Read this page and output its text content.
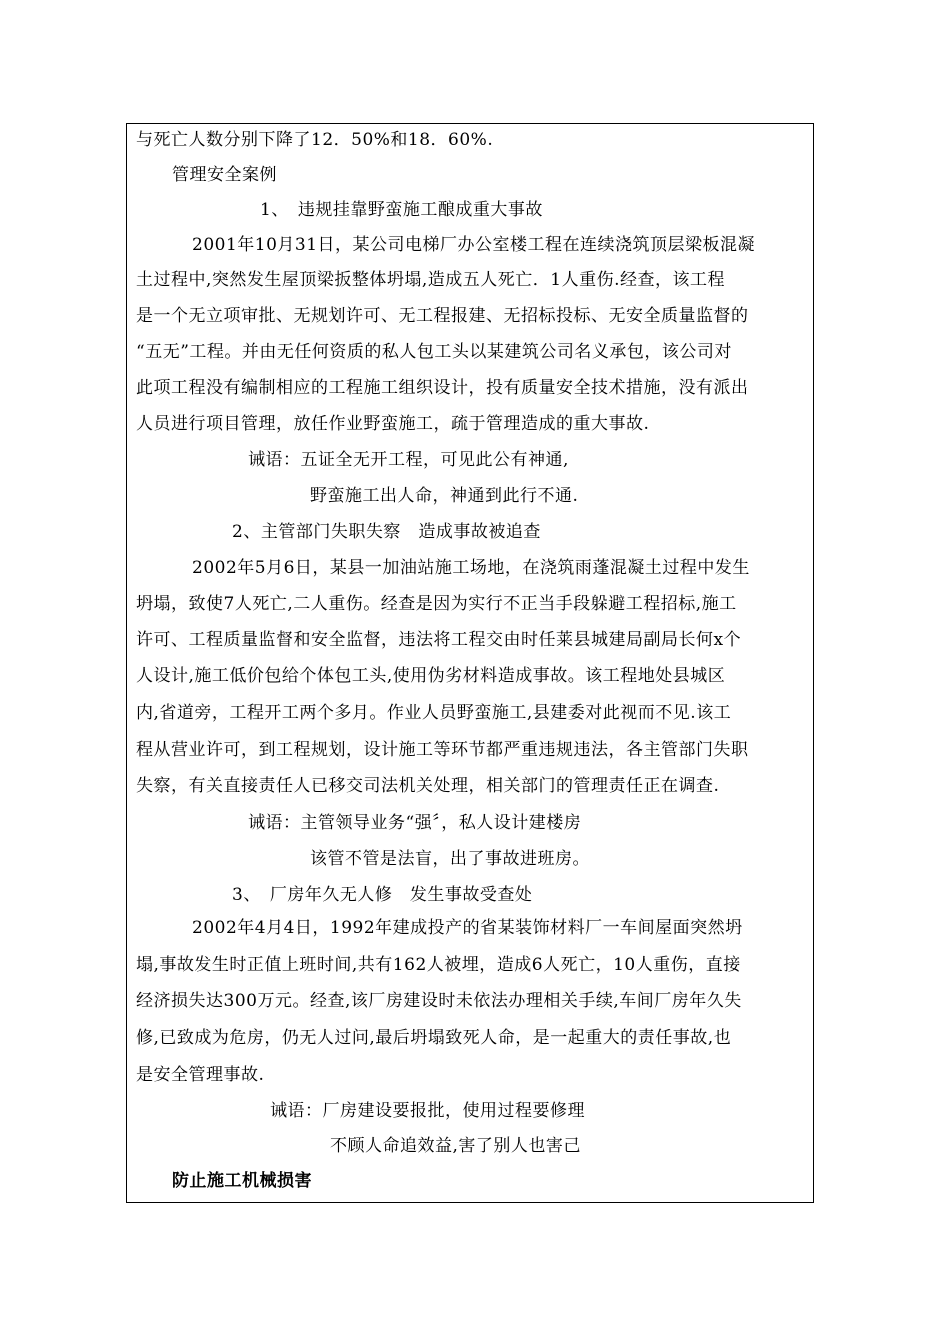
与死亡人数分别下降了12．50%和18．60%.
管理安全案例
1、　违规挂靠野蛮施工酿成重大事故
2001年10月31日，某公司电梯厂办公室楼工程在连续浇筑顶层梁板混凝
土过程中,突然发生屋顶梁扳整体坍塌,造成五人死亡．1人重伤.经查，该工程
是一个无立项审批、无规划许可、无工程报建、无招标投标、无安全质量监督的
“五无”工程。并由无任何资质的私人包工头以某建筑公司名义承包，该公司对
此项工程没有编制相应的工程施工组织设计，投有质量安全技术措施，没有派出
人员进行项目管理，放任作业野蛮施工，疏于管理造成的重大事故.
诫语：五证全无开工程，可见此公有神通,
野蛮施工出人命，神通到此行不通.
2、主管部门失职失察　造成事故被追查
2002年5月6日，某县一加油站施工场地，在浇筑雨蓬混凝土过程中发生
坍塌，致使7人死亡,二人重伤。经查是因为实行不正当手段躲避工程招标,施工
许可、工程质量监督和安全监督，违法将工程交由时任莱县城建局副局长何x个
人设计,施工低价包给个体包工头,使用伪劣材料造成事故。该工程地处县城区
内,省道旁，工程开工两个多月。作业人员野蛮施工,县建委对此视而不见.该工
程从营业许可，到工程规划，设计施工等环节都严重违规违法，各主管部门失职
失察，有关直接责任人已移交司法机关处理，相关部门的管理责任正在调查.
诫语：主管领导业务“强〞，私人设计建楼房
该管不管是法盲，出了事故进班房。
3、　厂房年久无人修　发生事故受查处
2002年4月4日，1992年建成投产的省某装饰材料厂一车间屋面突然坍
塌,事故发生时正值上班时间,共有162人被埋，造成6人死亡，10人重伤，直接
经济损失达300万元。经查,该厂房建设时未依法办理相关手续,车间厂房年久失
修,已致成为危房，仍无人过问,最后坍塌致死人命，是一起重大的责任事故,也
是安全管理事故.
诫语：厂房建设要报批，使用过程要修理
不顾人命追效益,害了别人也害己
防止施工机械损害
